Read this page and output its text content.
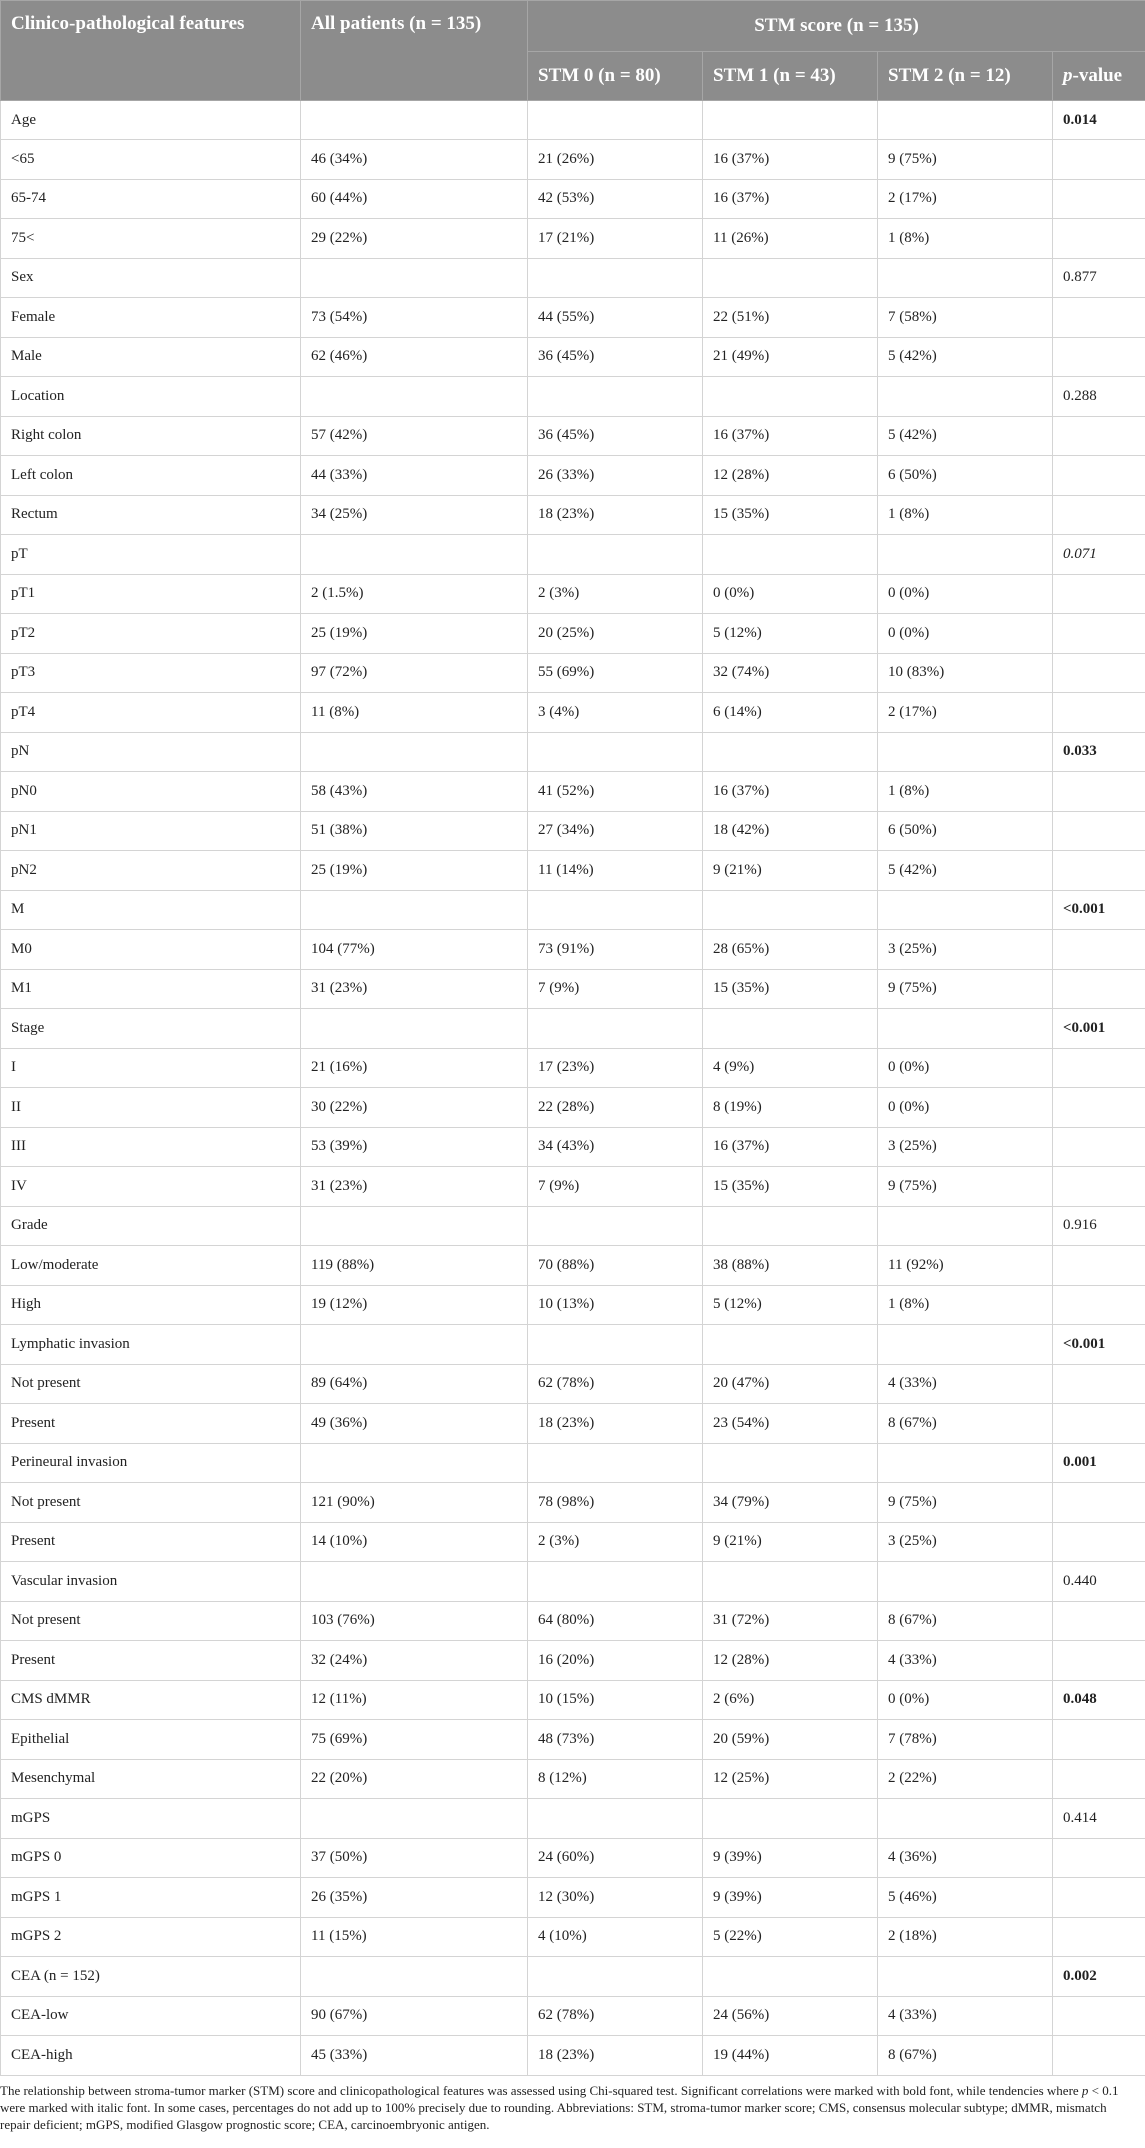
Clinico-pathological features	All patients (n = 135)	STM score (n = 135)			
		STM 0 (n = 80)	STM 1 (n = 43)	STM 2 (n = 12)	p-value
Age					0.014
<65	46 (34%)	21 (26%)	16 (37%)	9 (75%)	
65-74	60 (44%)	42 (53%)	16 (37%)	2 (17%)	
75<	29 (22%)	17 (21%)	11 (26%)	1 (8%)	
Sex					0.877
Female	73 (54%)	44 (55%)	22 (51%)	7 (58%)	
Male	62 (46%)	36 (45%)	21 (49%)	5 (42%)	
Location					0.288
Right colon	57 (42%)	36 (45%)	16 (37%)	5 (42%)	
Left colon	44 (33%)	26 (33%)	12 (28%)	6 (50%)	
Rectum	34 (25%)	18 (23%)	15 (35%)	1 (8%)	
pT					0.071
pT1	2 (1.5%)	2 (3%)	0 (0%)	0 (0%)	
pT2	25 (19%)	20 (25%)	5 (12%)	0 (0%)	
pT3	97 (72%)	55 (69%)	32 (74%)	10 (83%)	
pT4	11 (8%)	3 (4%)	6 (14%)	2 (17%)	
pN					0.033
pN0	58 (43%)	41 (52%)	16 (37%)	1 (8%)	
pN1	51 (38%)	27 (34%)	18 (42%)	6 (50%)	
pN2	25 (19%)	11 (14%)	9 (21%)	5 (42%)	
M					<0.001
M0	104 (77%)	73 (91%)	28 (65%)	3 (25%)	
M1	31 (23%)	7 (9%)	15 (35%)	9 (75%)	
Stage					<0.001
I	21 (16%)	17 (23%)	4 (9%)	0 (0%)	
II	30 (22%)	22 (28%)	8 (19%)	0 (0%)	
III	53 (39%)	34 (43%)	16 (37%)	3 (25%)	
IV	31 (23%)	7 (9%)	15 (35%)	9 (75%)	
Grade					0.916
Low/moderate	119 (88%)	70 (88%)	38 (88%)	11 (92%)	
High	19 (12%)	10 (13%)	5 (12%)	1 (8%)	
Lymphatic invasion					<0.001
Not present	89 (64%)	62 (78%)	20 (47%)	4 (33%)	
Present	49 (36%)	18 (23%)	23 (54%)	8 (67%)	
Perineural invasion					0.001
Not present	121 (90%)	78 (98%)	34 (79%)	9 (75%)	
Present	14 (10%)	2 (3%)	9 (21%)	3 (25%)	
Vascular invasion					0.440
Not present	103 (76%)	64 (80%)	31 (72%)	8 (67%)	
Present	32 (24%)	16 (20%)	12 (28%)	4 (33%)	
CMS dMMR	12 (11%)	10 (15%)	2 (6%)	0 (0%)	0.048
Epithelial	75 (69%)	48 (73%)	20 (59%)	7 (78%)	
Mesenchymal	22 (20%)	8 (12%)	12 (25%)	2 (22%)	
mGPS					0.414
mGPS 0	37 (50%)	24 (60%)	9 (39%)	4 (36%)	
mGPS 1	26 (35%)	12 (30%)	9 (39%)	5 (46%)	
mGPS 2	11 (15%)	4 (10%)	5 (22%)	2 (18%)	
CEA (n = 152)					0.002
CEA-low	90 (67%)	62 (78%)	24 (56%)	4 (33%)	
CEA-high	45 (33%)	18 (23%)	19 (44%)	8 (67%)	
The relationship between stroma-tumor marker (STM) score and clinicopathological features was assessed using Chi-squared test. Significant correlations were marked with bold font, while tendencies where p < 0.1 were marked with italic font. In some cases, percentages do not add up to 100% precisely due to rounding. Abbreviations: STM, stroma-tumor marker score; CMS, consensus molecular subtype; dMMR, mismatch repair deficient; mGPS, modified Glasgow prognostic score; CEA, carcinoembryonic antigen.
